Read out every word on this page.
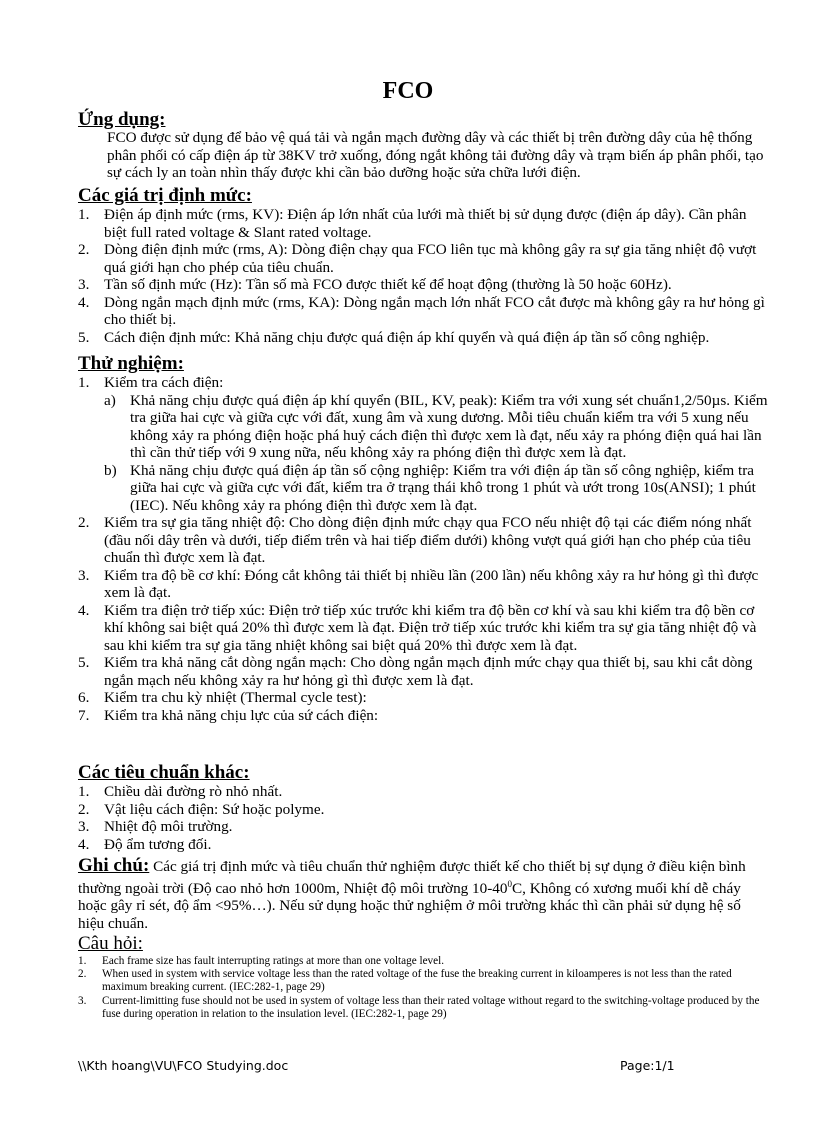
FCO
Ứng dụng:

FCO được sử dụng để bảo vệ quá tải và ngắn mạch đường dây và các thiết bị trên đường dây của hệ thống phân phối có cấp điện áp từ 38KV trở xuống, đóng ngắt không tải đường dây và trạm biến áp phân phối, tạo sự cách ly an toàn nhìn thấy được khi cần bảo dưỡng hoặc sửa chữa lưới điện.

Các giá trị định mức:
1. Điện áp định mức (rms, KV): Điện áp lớn nhất của lưới mà thiết bị sử dụng được (điện áp dây). Cần phân biệt full rated voltage & Slant rated voltage.
2. Dòng điện định mức (rms, A): Dòng điện chạy qua FCO liên tục mà không gây ra sự gia tăng nhiệt độ vượt quá giới hạn cho phép của tiêu chuẩn.
3. Tần số định mức (Hz): Tần số mà FCO được thiết kế để hoạt động (thường là 50 hoặc 60Hz).
4. Dòng ngắn mạch định mức (rms, KA): Dòng ngắn mạch lớn nhất FCO cắt được mà không gây ra hư hỏng gì cho thiết bị.
5. Cách điện định mức: Khả năng chịu được quá điện áp khí quyển và quá điện áp tần số công nghiệp.
Thử nghiệm:
1. Kiểm tra cách điện:
a) Khả năng chịu được quá điện áp khí quyển (BIL, KV, peak): Kiểm tra với xung sét chuẩn1,2/50µs. Kiểm tra giữa hai cực và giữa cực với đất, xung âm và xung dương. Mỗi tiêu chuẩn kiểm tra với 5 xung nếu không xảy ra phóng điện hoặc phá huỷ cách điện thì được xem là đạt, nếu xảy ra phóng điện quá hai lần thì cần thử tiếp với 9 xung nữa, nếu không xảy ra phóng điện thì được xem là đạt.
b) Khả năng chịu được quá điện áp tần số cộng nghiệp: Kiểm tra với điện áp tần số công nghiệp, kiểm tra giữa hai cực và giữa cực với đất, kiểm tra ở trạng thái khô trong 1 phút và ướt trong 10s(ANSI); 1 phút (IEC). Nếu không xảy ra phóng điện thì được xem là đạt.
2. Kiểm tra sự gia tăng nhiệt độ: Cho dòng điện định mức chạy qua FCO nếu nhiệt độ tại các điểm nóng nhất (đầu nối dây trên và dưới, tiếp điểm trên và hai tiếp điểm dưới) không vượt quá giới hạn cho phép của tiêu chuẩn thì được xem là đạt.
3. Kiểm tra độ bề cơ khí: Đóng cắt không tải thiết bị nhiều lần (200 lần) nếu không xảy ra hư hỏng gì thì được xem là đạt.
4. Kiểm tra điện trở tiếp xúc: Điện trở tiếp xúc trước khi kiểm tra độ bền cơ khí và sau khi kiểm tra độ bền cơ khí không sai biệt quá 20% thì được xem là đạt. Điện trở tiếp xúc trước khi kiểm tra sự gia tăng nhiệt độ và sau khi kiểm tra sự gia tăng nhiệt không sai biệt quá 20% thì được xem là đạt.
5. Kiểm tra khả năng cắt dòng ngắn mạch: Cho dòng ngắn mạch định mức chạy qua thiết bị, sau khi cắt dòng ngắn mạch nếu không xảy ra hư hỏng gì thì được xem là đạt.
6. Kiểm tra chu kỳ nhiệt (Thermal cycle test):
7. Kiểm tra khả năng chịu lực của sứ cách điện:
Các tiêu chuẩn khác:
1. Chiều dài đường rò nhỏ nhất.
2. Vật liệu cách điện: Sứ hoặc polyme.
3. Nhiệt độ môi trường.
4. Độ ẩm tương đối.

Ghi chú: Các giá trị định mức và tiêu chuẩn thử nghiệm được thiết kế cho thiết bị sự dụng ở điều kiện bình thường ngoài trời (Độ cao nhỏ hơn 1000m, Nhiệt độ môi trường $10-40^0C$, Không có xương muối khí dễ cháy hoặc gây rỉ sét, độ ẩm <95%…). Nếu sử dụng hoặc thử nghiệm ở môi trường khác thì cần phải sử dụng hệ số hiệu chuẩn.

Câu hỏi:
1. Each frame size has fault interrupting ratings at more than one voltage level.
2. When used in system with service voltage less than the rated voltage of the fuse the breaking current in kiloamperes is not less than the rated maximum breaking current. (IEC:282-1, page 29)
3. Current-limitting fuse should not be used in system of voltage less than their rated voltage without regard to the switching-voltage produced by the fuse during operation in relation to the insulation level. (IEC:282-1, page 29)
\\Kth hoang\VU\FCO Studying.doc	Page:1/1
